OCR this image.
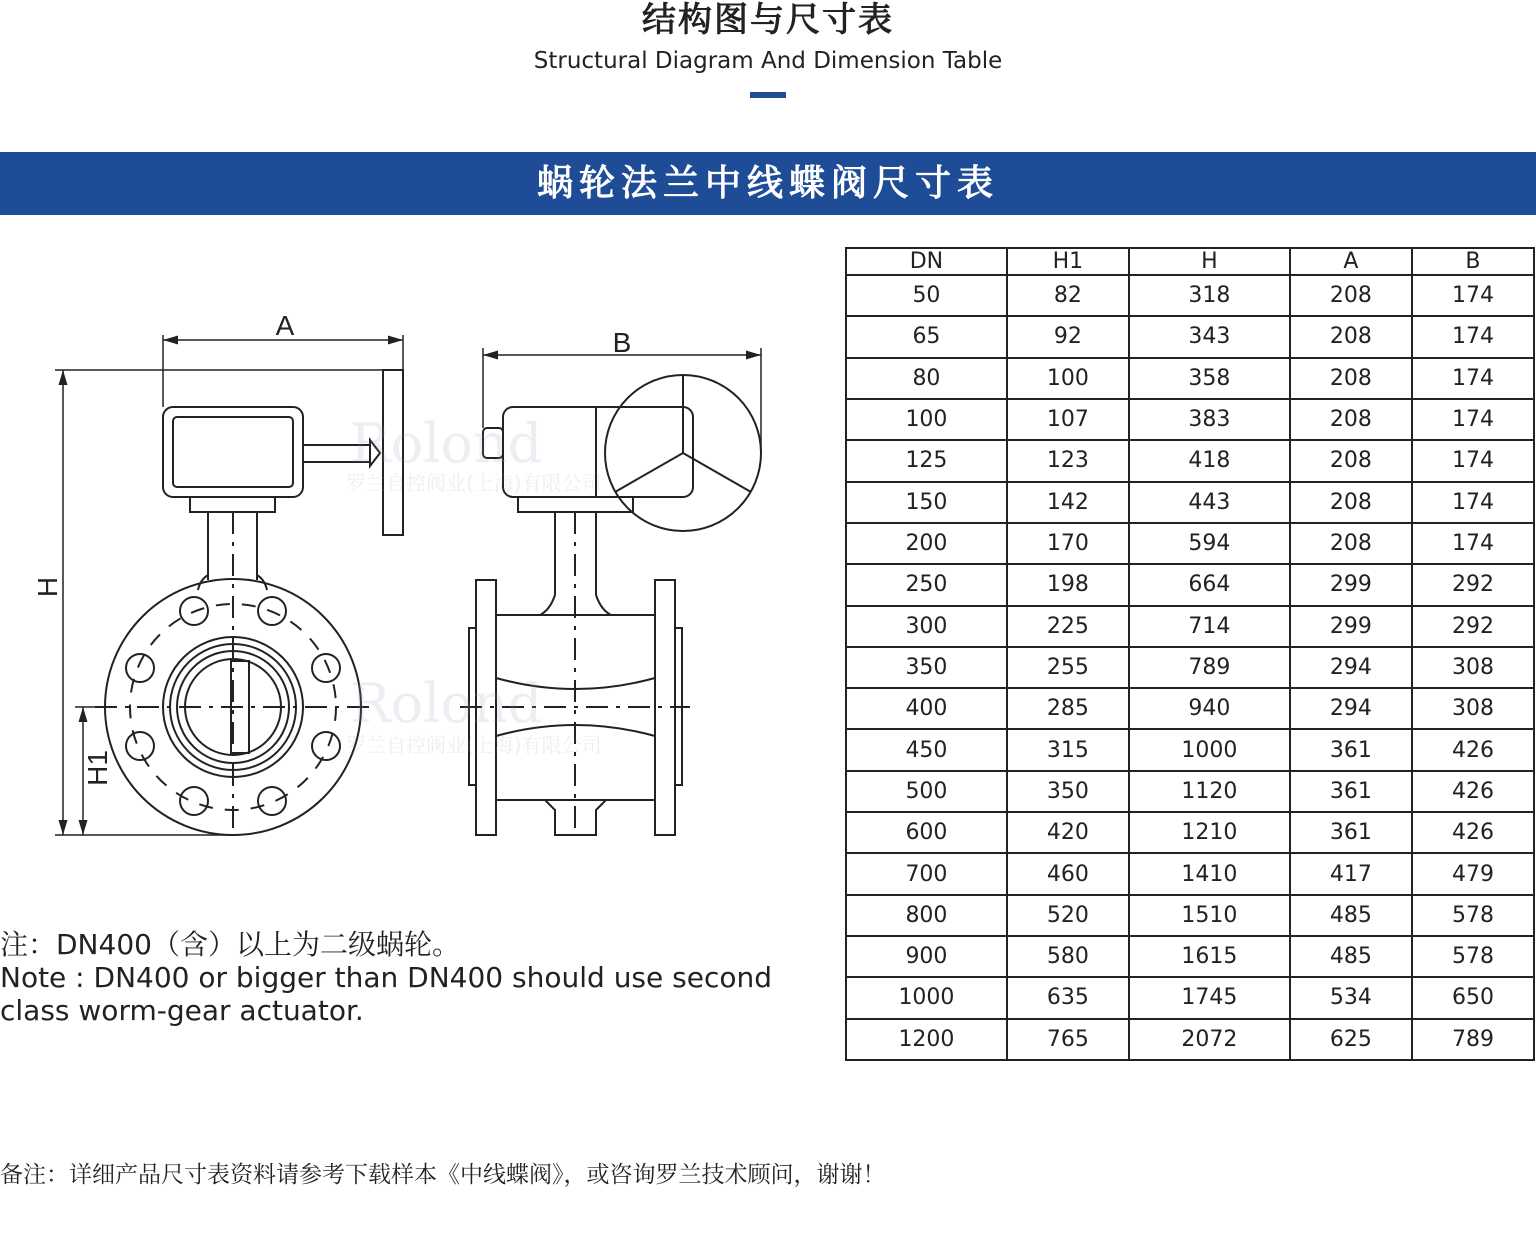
结构图与尺寸表
Structural Diagram And Dimension Table
蜗轮法兰中线蝶阀尺寸表
A
B
H
H1
Rolond
罗兰自控阀业(上海)有限公司
Rolond
罗兰自控阀业(上海)有限公司
DN	H1	H	A	B
50	82	318	208	174
65	92	343	208	174
80	100	358	208	174
100	107	383	208	174
125	123	418	208	174
150	142	443	208	174
200	170	594	208	174
250	198	664	299	292
300	225	714	299	292
350	255	789	294	308
400	285	940	294	308
450	315	1000	361	426
500	350	1120	361	426
600	420	1210	361	426
700	460	1410	417	479
800	520	1510	485	578
900	580	1615	485	578
1000	635	1745	534	650
1200	765	2072	625	789
注：DN400（含）以上为二级蜗轮。
Note : DN400 or bigger than DN400 should use second
class worm-gear actuator.
备注：详细产品尺寸表资料请参考下载样本《中线蝶阀》，或咨询罗兰技术顾问，谢谢！
